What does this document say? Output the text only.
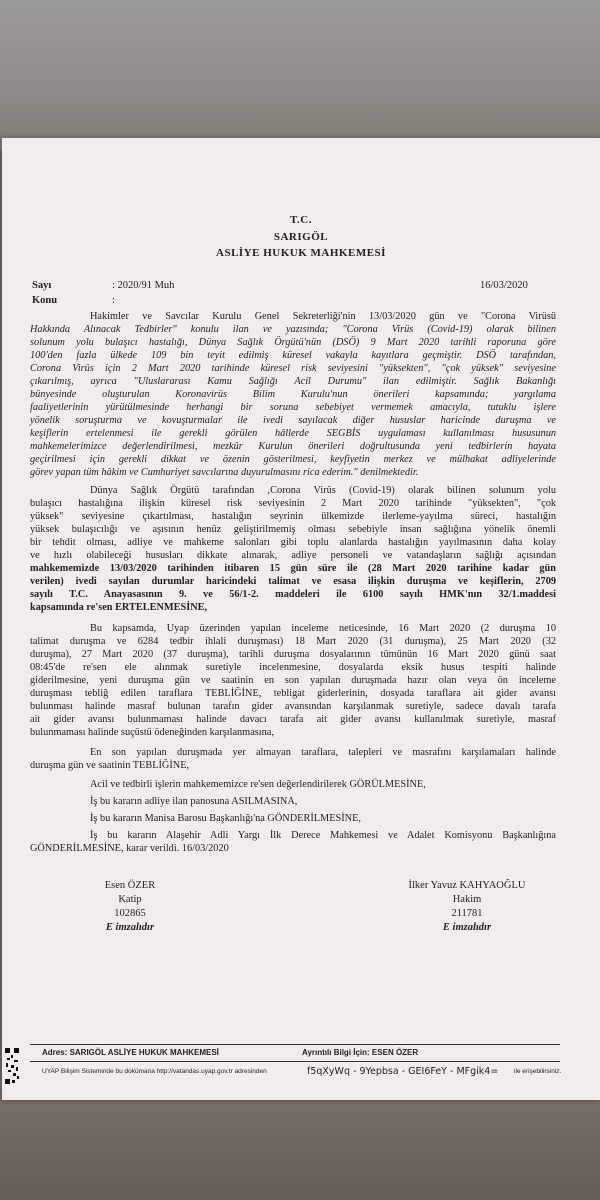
T.C.
SARIGÖL
ASLİYE HUKUK MAHKEMESİ
Sayı	: 2020/91 Muh	16/03/2020
Konu	:
Hakimler ve Savcılar Kurulu Genel Sekreterliği'nin 13/03/2020 gün ve "Corona Virüsü
Hakkında Alınacak Tedbirler" konulu ilan ve yazısında; "Corona Virüs (Covid-19) olarak bilinen
solunum yolu bulaşıcı hastalığı, Dünya Sağlık Örgütü'nün (DSÖ) 9 Mart 2020 tarihli raporuna göre
100'den fazla ülkede 109 bin teyit edilmiş küresel vakayla kayıtlara geçmiştir. DSÖ tarafından,
Corona Virüs için 2 Mart 2020 tarihinde küresel risk seviyesini "yüksekten", "çok yüksek" seviyesine
çıkarılmış, ayrıca "Uluslararası Kamu Sağlığı Acil Durumu" ilan edilmiştir. Sağlık Bakanlığı
bünyesinde oluşturulan Koronavirüs Bilim Kurulu'nun önerileri kapsamında; yargılama
faaliyetlerinin yürütülmesinde herhangi bir soruna sebebiyet vermemek amacıyla, tutuklu işlere
yönelik soruşturma ve kovuşturmalar ile ivedi sayılacak diğer hususlar haricinde duruşma ve
keşiflerin ertelenmesi ile gerekli görülen hâllerde SEGBİS uygulaması kullanılması hususunun
mahkemelerimizce değerlendirilmesi, mezkûr Kurulun önerileri doğrultusunda yeni tedbirlerin hayata
geçirilmesi için gerekli dikkat ve özenin gösterilmesi, keyfiyetin merkez ve mülhakat adliyelerinde
görev yapan tüm hâkim ve Cumhuriyet savcılarına duyurulmasını rica ederim." denilmektedir.
Dünya Sağlık Örgütü tarafından ,Corona Virüs (Covid-19) olarak bilinen solunum yolu
bulaşıcı hastalığına ilişkin küresel risk seviyesinin 2 Mart 2020 tarihinde "yüksekten", "çok
yüksek" seviyesine çıkartılması, hastalığın seyrinin ülkemizde ilerleme-yayılma süreci, hastalığın
yüksek bulaşıcılığı ve aşısının henüz geliştirilmemiş olması sebebiyle insan sağlığına yönelik önemli
bir tehdit olması, adliye ve mahkeme salonları gibi toplu alanlarda hastalığın yayılmasının daha kolay
ve hızlı olabileceği hususları dikkate alınarak, adliye personeli ve vatandaşların sağlığı açısından
mahkememizde 13/03/2020 tarihinden itibaren 15 gün süre ile (28 Mart 2020 tarihine kadar gün
verilen) ivedi sayılan durumlar haricindeki talimat ve esasa ilişkin duruşma ve keşiflerin, 2709
sayılı T.C. Anayasasının 9. ve 56/1-2. maddeleri ile 6100 sayılı HMK'nın 32/1.maddesi
kapsamında re'sen ERTELENMESİNE,
Bu kapsamda, Uyap üzerinden yapılan inceleme neticesinde, 16 Mart 2020 (2 duruşma 10
talimat duruşma ve 6284 tedbir ihlali duruşması) 18 Mart 2020 (31 duruşma), 25 Mart 2020 (32
duruşma), 27 Mart 2020 (37 duruşma), tarihli duruşma dosyalarının tümünün 16 Mart 2020 günü saat
08:45'de re'sen ele alınmak suretiyle incelenmesine, dosyalarda eksik husus tespiti halinde
giderilmesine, yeni duruşma gün ve saatinin en son yapılan duruşmada hazır olan veya ön inceleme
duruşması tebliğ edilen taraflara TEBLİĞİNE, tebligat giderlerinin, dosyada taraflara ait gider avansı
bulunması halinde masraf bulunan tarafın gider avansından karşılanmak suretiyle, sadece davalı tarafa
ait gider avansı bulunmaması halinde davacı tarafa ait gider avansı kullanılmak suretiyle, masraf
bulunmaması halinde suçüstü ödeneğinden karşılanmasına,
En son yapılan duruşmada yer almayan taraflara, talepleri ve masrafını karşılamaları halinde
duruşma gün ve saatinin TEBLİĞİNE,
Acil ve tedbirli işlerin mahkememizce re'sen değerlendirilerek GÖRÜLMESİNE,
İş bu kararın adliye ilan panosuna ASILMASINA,
İş bu kararın Manisa Barosu Başkanlığı'na GÖNDERİLMESİNE,
İş bu kararın Alaşehir Adli Yargı İlk Derece Mahkemesi ve Adalet Komisyonu Başkanlığına
GÖNDERİLMESİNE, karar verildi. 16/03/2020
Esen ÖZER
Katip
102865
E imzalıdır
İlker Yavuz KAHYAOĞLU
Hakim
211781
E imzalıdır
Adres: SARIGÖL ASLİYE HUKUK MAHKEMESİ	Ayrıntılı Bilgi İçin: ESEN ÖZER
UYAP Bilişim Sisteminde bu dokümana http://vatandas.uyap.gov.tr adresinden	f5qXyWq - 9Yepbsa - GEI6FeY - MFgik4= ile erişebilirsiniz.
